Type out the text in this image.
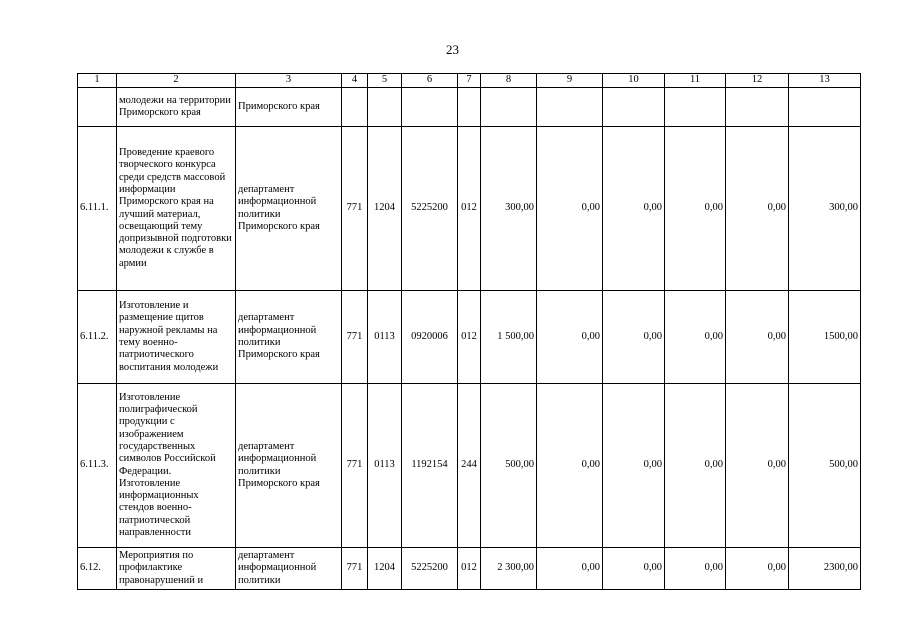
23
1	2	3	4	5	6	7	8	9	10	11	12	13
	молодежи на территории Приморского края	Приморского края										
6.11.1.	Проведение краевого творческого конкурса среди средств массовой информации Приморского края на лучший материал, освещающий тему допризывной подготовки молодежи к службе в армии	департамент информационной политики Приморского края	771	1204	5225200	012	300,00	0,00	0,00	0,00	0,00	300,00
6.11.2.	Изготовление и размещение щитов наружной рекламы на тему военно-патриотического воспитания молодежи	департамент информационной политики Приморского края	771	0113	0920006	012	1 500,00	0,00	0,00	0,00	0,00	1500,00
6.11.3.	Изготовление полиграфической продукции с изображением государственных символов Российской Федерации. Изготовление информационных стендов военно-патриотической направленности	департамент информационной политики Приморского края	771	0113	1192154	244	500,00	0,00	0,00	0,00	0,00	500,00
6.12.	Мероприятия по профилактике правонарушений и	департамент информационной политики	771	1204	5225200	012	2 300,00	0,00	0,00	0,00	0,00	2300,00
